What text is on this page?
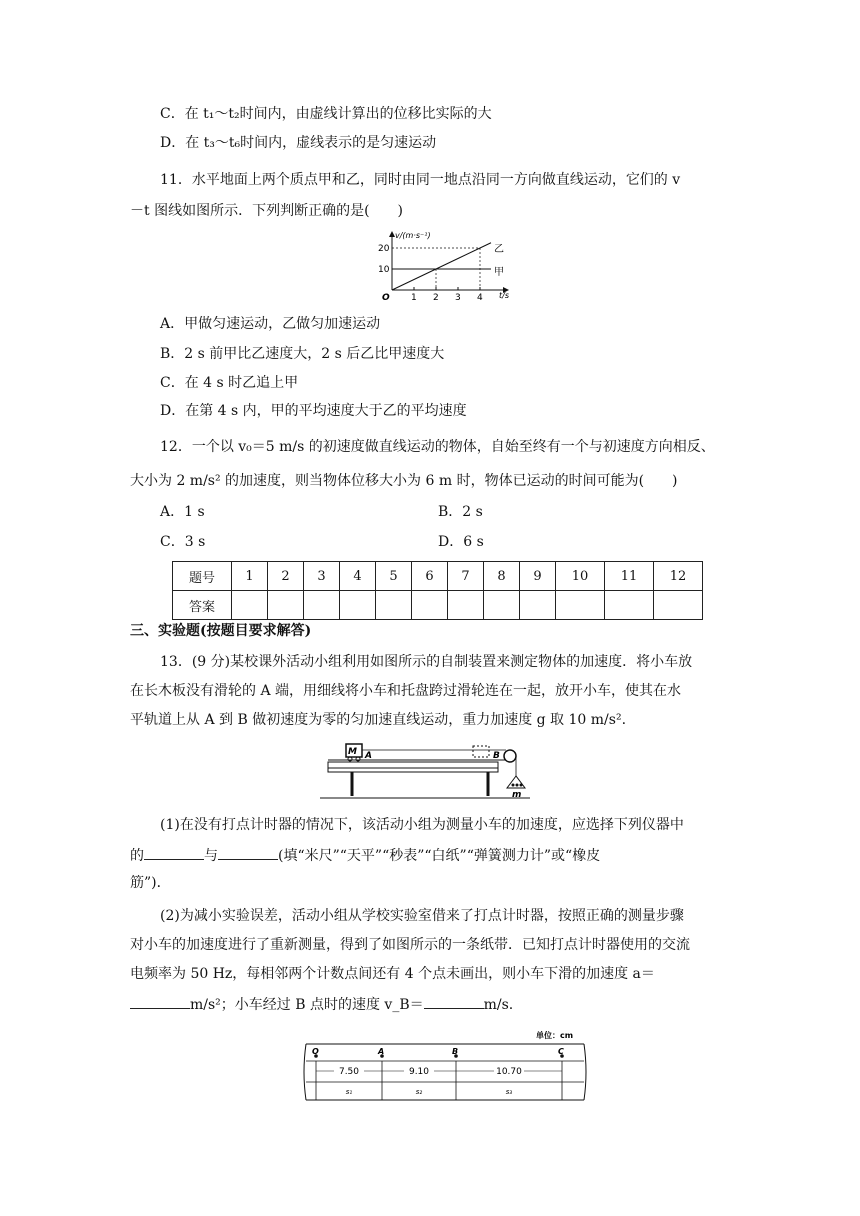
C．在 t₁～t₂时间内，由虚线计算出的位移比实际的大
D．在 t₃～t₆时间内，虚线表示的是匀速运动
11．水平地面上两个质点甲和乙，同时由同一地点沿同一方向做直线运动，它们的 v
－t 图线如图所示．下列判断正确的是(　　)
1 2 3 4
10
20
v/(m·s⁻¹)
t/s
O
乙
甲
A．甲做匀速运动，乙做匀加速运动
B．2 s 前甲比乙速度大，2 s 后乙比甲速度大
C．在 4 s 时乙追上甲
D．在第 4 s 内，甲的平均速度大于乙的平均速度
12．一个以 v₀＝5 m/s 的初速度做直线运动的物体，自始至终有一个与初速度方向相反、
大小为 2 m/s² 的加速度，则当物体位移大小为 6 m 时，物体已运动的时间可能为(　　)
A．1 s	B．2 s
C．3 s	D．6 s
题号	1	2	3	4	5	6	7	8	9	10	11	12
答案												
三、实验题(按题目要求解答)
13．(9 分)某校课外活动小组利用如图所示的自制装置来测定物体的加速度．将小车放
在长木板没有滑轮的 A 端，用细线将小车和托盘跨过滑轮连在一起，放开小车，使其在水
平轨道上从 A 到 B 做初速度为零的匀加速直线运动，重力加速度 g 取 10 m/s².
M A	B
m
(1)在没有打点计时器的情况下，该活动小组为测量小车的加速度，应选择下列仪器中
的	与	(填“米尺”“天平”“秒表”“白纸”“弹簧测力计”或“橡皮
筋”)．
(2)为减小实验误差，活动小组从学校实验室借来了打点计时器，按照正确的测量步骤
对小车的加速度进行了重新测量，得到了如图所示的一条纸带．已知打点计时器使用的交流
电频率为 50 Hz，每相邻两个计数点间还有 4 个点未画出，则小车下滑的加速度 a＝
m/s²；小车经过 B 点时的速度 v_B＝	m/s.
单位：cm
O	A	B	C
7.50
s₁
9.10
s₂
10.70
s₃
